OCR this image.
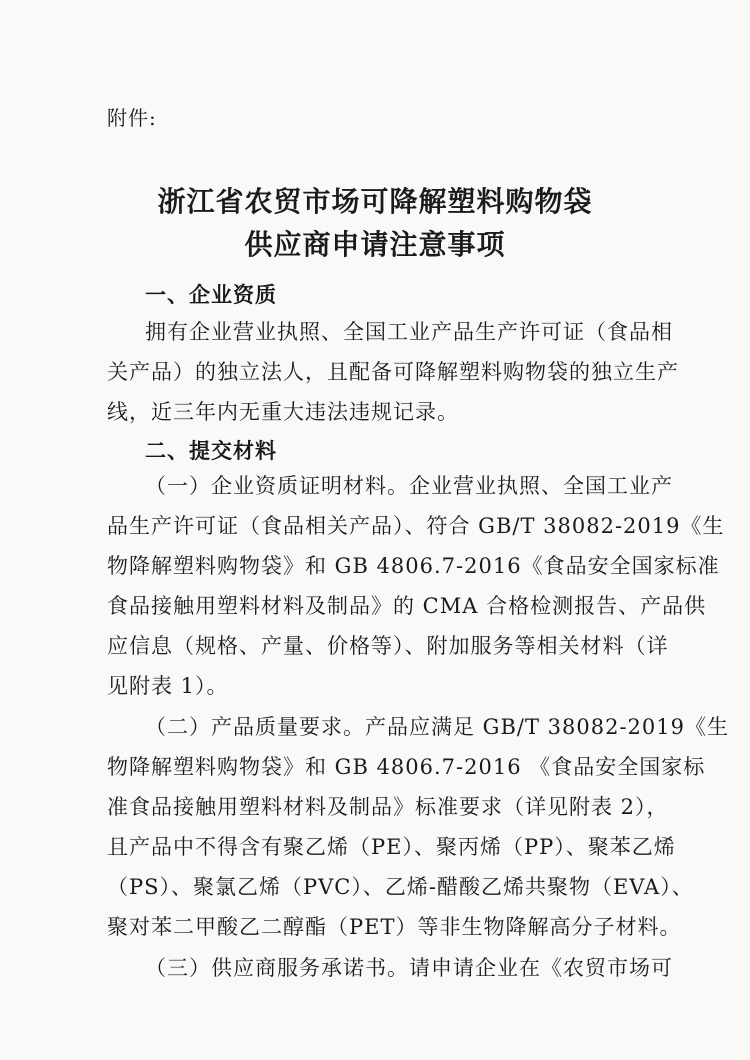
附件:
浙江省农贸市场可降解塑料购物袋
供应商申请注意事项
一、企业资质
拥有企业营业执照、全国工业产品生产许可证（食品相
关产品）的独立法人，且配备可降解塑料购物袋的独立生产
线，近三年内无重大违法违规记录。
二、提交材料
（一）企业资质证明材料。企业营业执照、全国工业产
品生产许可证（食品相关产品）、符合 GB/T 38082-2019《生
物降解塑料购物袋》和 GB 4806.7-2016《食品安全国家标准
食品接触用塑料材料及制品》的 CMA 合格检测报告、产品供
应信息（规格、产量、价格等）、附加服务等相关材料（详
见附表 1）。
（二）产品质量要求。产品应满足 GB/T 38082-2019《生
物降解塑料购物袋》和 GB 4806.7-2016 《食品安全国家标
准食品接触用塑料材料及制品》标准要求（详见附表 2），
且产品中不得含有聚乙烯（PE）、聚丙烯（PP）、聚苯乙烯
（PS）、聚氯乙烯（PVC）、乙烯-醋酸乙烯共聚物（EVA）、
聚对苯二甲酸乙二醇酯（PET）等非生物降解高分子材料。
（三）供应商服务承诺书。请申请企业在《农贸市场可
